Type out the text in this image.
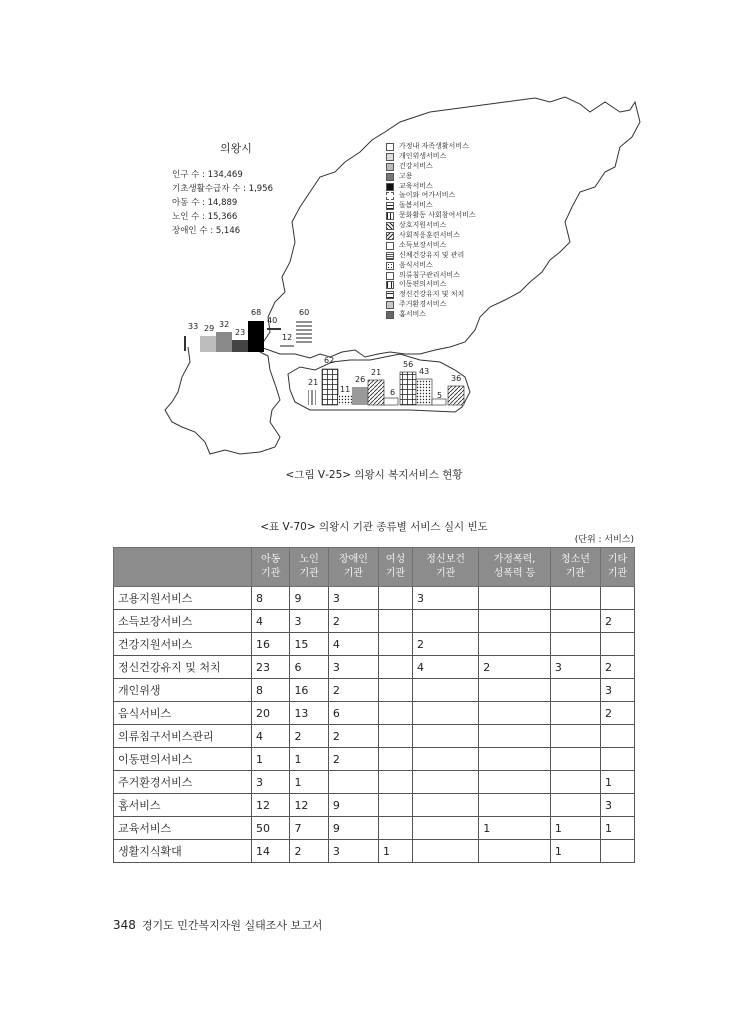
의왕시
인구 수 : 134,469
기초생활수급자 수 : 1,956
아동 수 : 14,889
노인 수 : 15,366
장애인 수 : 5,146
가정내 자족생활서비스
개인위생서비스
건강서비스
고용
교육서비스
놀이와 여가서비스
돌봄서비스
문화활동 사회참여서비스
상호지원서비스
사회적응훈련서비스
소득보장서비스
신체건강유지 및 관리
음식서비스
의류침구관리서비스
이동편의서비스
정신건강유지 및 처치
주거환경서비스
홈서비스
33 29 32
23
68
40
60
12
62
21
11
26
21
6
56
43
5
36
<그림 Ⅴ-25> 의왕시 복지서비스 현황
<표 Ⅴ-70> 의왕시 기관 종류별 서비스 실시 빈도
(단위 : 서비스)
	아동
기관	노인
기관	장애인
기관	여성
기관	정신보건
기관	가정폭력,
성폭력 등	청소년
기관	기타
기관
고용지원서비스	8	9	3		3			
소득보장서비스	4	3	2					2
건강지원서비스	16	15	4		2			
정신건강유지 및 처치	23	6	3		4	2	3	2
개인위생	8	16	2					3
음식서비스	20	13	6					2
의류침구서비스관리	4	2	2					
이동편의서비스	1	1	2					
주거환경서비스	3	1						1
홈서비스	12	12	9					3
교육서비스	50	7	9			1	1	1
생활지식확대	14	2	3	1			1	
348 경기도 민간복지자원 실태조사 보고서
